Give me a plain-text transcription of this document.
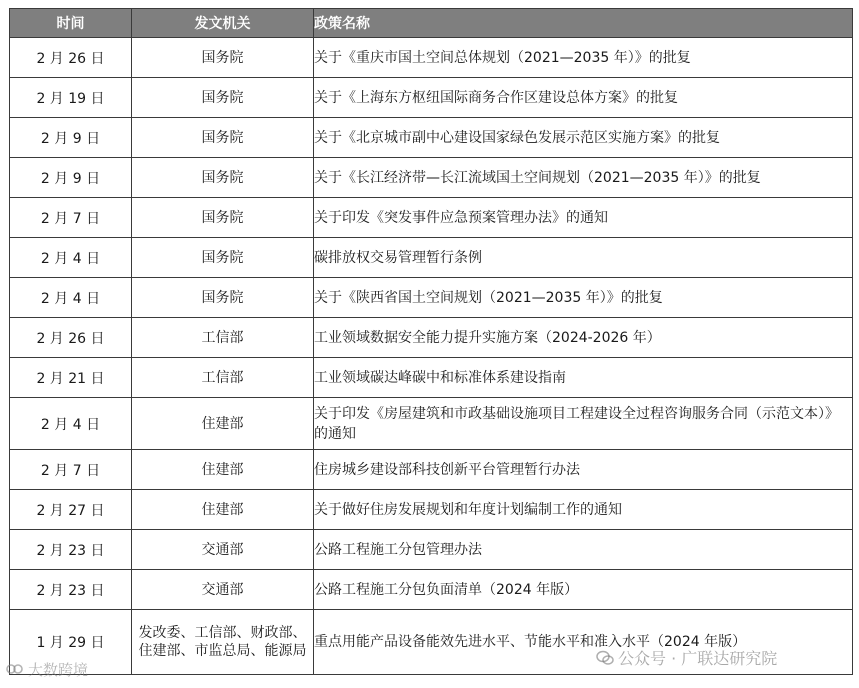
时间	发文机关	政策名称
2 月 26 日	国务院	关于《重庆市国土空间总体规划（2021—2035 年）》的批复
2 月 19 日	国务院	关于《上海东方枢纽国际商务合作区建设总体方案》的批复
2 月 9 日	国务院	关于《北京城市副中心建设国家绿色发展示范区实施方案》的批复
2 月 9 日	国务院	关于《长江经济带—长江流域国土空间规划（2021—2035 年）》的批复
2 月 7 日	国务院	关于印发《突发事件应急预案管理办法》的通知
2 月 4 日	国务院	碳排放权交易管理暂行条例
2 月 4 日	国务院	关于《陕西省国土空间规划（2021—2035 年）》的批复
2 月 26 日	工信部	工业领域数据安全能力提升实施方案（2024-2026 年）
2 月 21 日	工信部	工业领域碳达峰碳中和标准体系建设指南
2 月 4 日	住建部	关于印发《房屋建筑和市政基础设施项目工程建设全过程咨询服务合同（示范文本）》的通知
2 月 7 日	住建部	住房城乡建设部科技创新平台管理暂行办法
2 月 27 日	住建部	关于做好住房发展规划和年度计划编制工作的通知
2 月 23 日	交通部	公路工程施工分包管理办法
2 月 23 日	交通部	公路工程施工分包负面清单（2024 年版）
1 月 29 日	发改委、工信部、财政部、住建部、市监总局、能源局	重点用能产品设备能效先进水平、节能水平和准入水平（2024 年版）
大数跨境
公众号 · 广联达研究院
